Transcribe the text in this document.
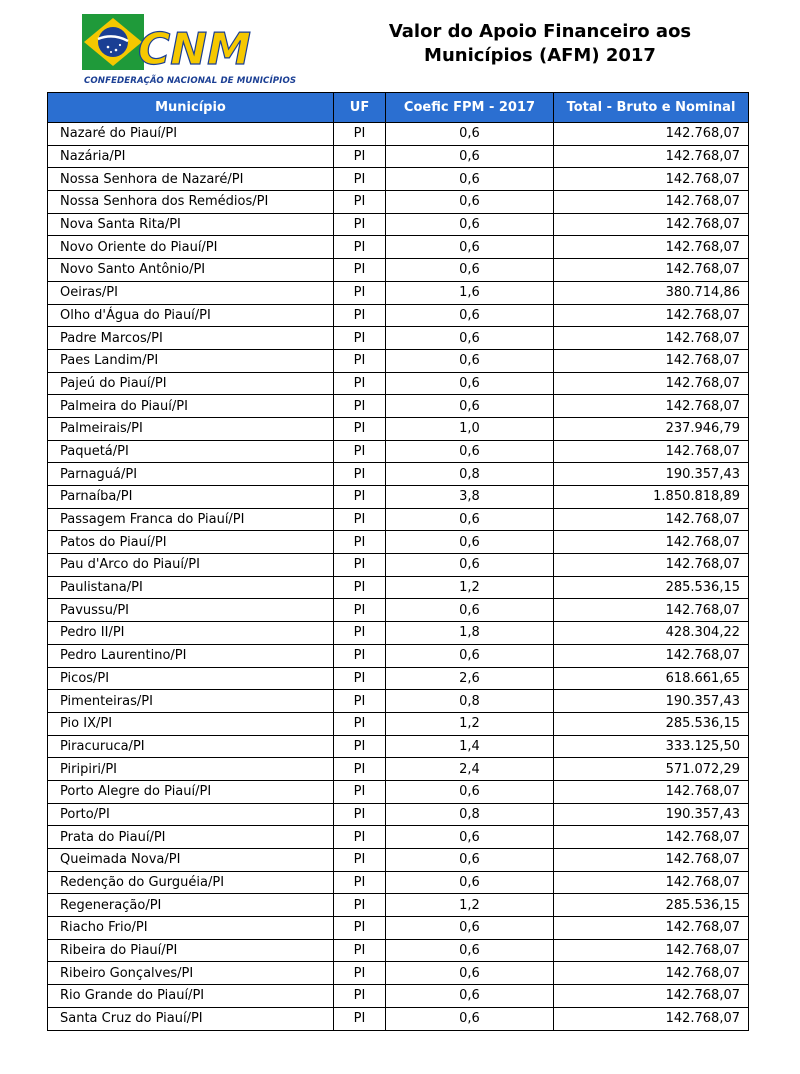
CNM
CONFEDERAÇÃO NACIONAL DE MUNICÍPIOS
Valor do Apoio Financeiro aos
Municípios (AFM) 2017
Município	UF	Coefic FPM - 2017	Total - Bruto e Nominal
Nazaré do Piauí/PI	PI	0,6	142.768,07
Nazária/PI	PI	0,6	142.768,07
Nossa Senhora de Nazaré/PI	PI	0,6	142.768,07
Nossa Senhora dos Remédios/PI	PI	0,6	142.768,07
Nova Santa Rita/PI	PI	0,6	142.768,07
Novo Oriente do Piauí/PI	PI	0,6	142.768,07
Novo Santo Antônio/PI	PI	0,6	142.768,07
Oeiras/PI	PI	1,6	380.714,86
Olho d'Água do Piauí/PI	PI	0,6	142.768,07
Padre Marcos/PI	PI	0,6	142.768,07
Paes Landim/PI	PI	0,6	142.768,07
Pajeú do Piauí/PI	PI	0,6	142.768,07
Palmeira do Piauí/PI	PI	0,6	142.768,07
Palmeirais/PI	PI	1,0	237.946,79
Paquetá/PI	PI	0,6	142.768,07
Parnaguá/PI	PI	0,8	190.357,43
Parnaíba/PI	PI	3,8	1.850.818,89
Passagem Franca do Piauí/PI	PI	0,6	142.768,07
Patos do Piauí/PI	PI	0,6	142.768,07
Pau d'Arco do Piauí/PI	PI	0,6	142.768,07
Paulistana/PI	PI	1,2	285.536,15
Pavussu/PI	PI	0,6	142.768,07
Pedro II/PI	PI	1,8	428.304,22
Pedro Laurentino/PI	PI	0,6	142.768,07
Picos/PI	PI	2,6	618.661,65
Pimenteiras/PI	PI	0,8	190.357,43
Pio IX/PI	PI	1,2	285.536,15
Piracuruca/PI	PI	1,4	333.125,50
Piripiri/PI	PI	2,4	571.072,29
Porto Alegre do Piauí/PI	PI	0,6	142.768,07
Porto/PI	PI	0,8	190.357,43
Prata do Piauí/PI	PI	0,6	142.768,07
Queimada Nova/PI	PI	0,6	142.768,07
Redenção do Gurguéia/PI	PI	0,6	142.768,07
Regeneração/PI	PI	1,2	285.536,15
Riacho Frio/PI	PI	0,6	142.768,07
Ribeira do Piauí/PI	PI	0,6	142.768,07
Ribeiro Gonçalves/PI	PI	0,6	142.768,07
Rio Grande do Piauí/PI	PI	0,6	142.768,07
Santa Cruz do Piauí/PI	PI	0,6	142.768,07
